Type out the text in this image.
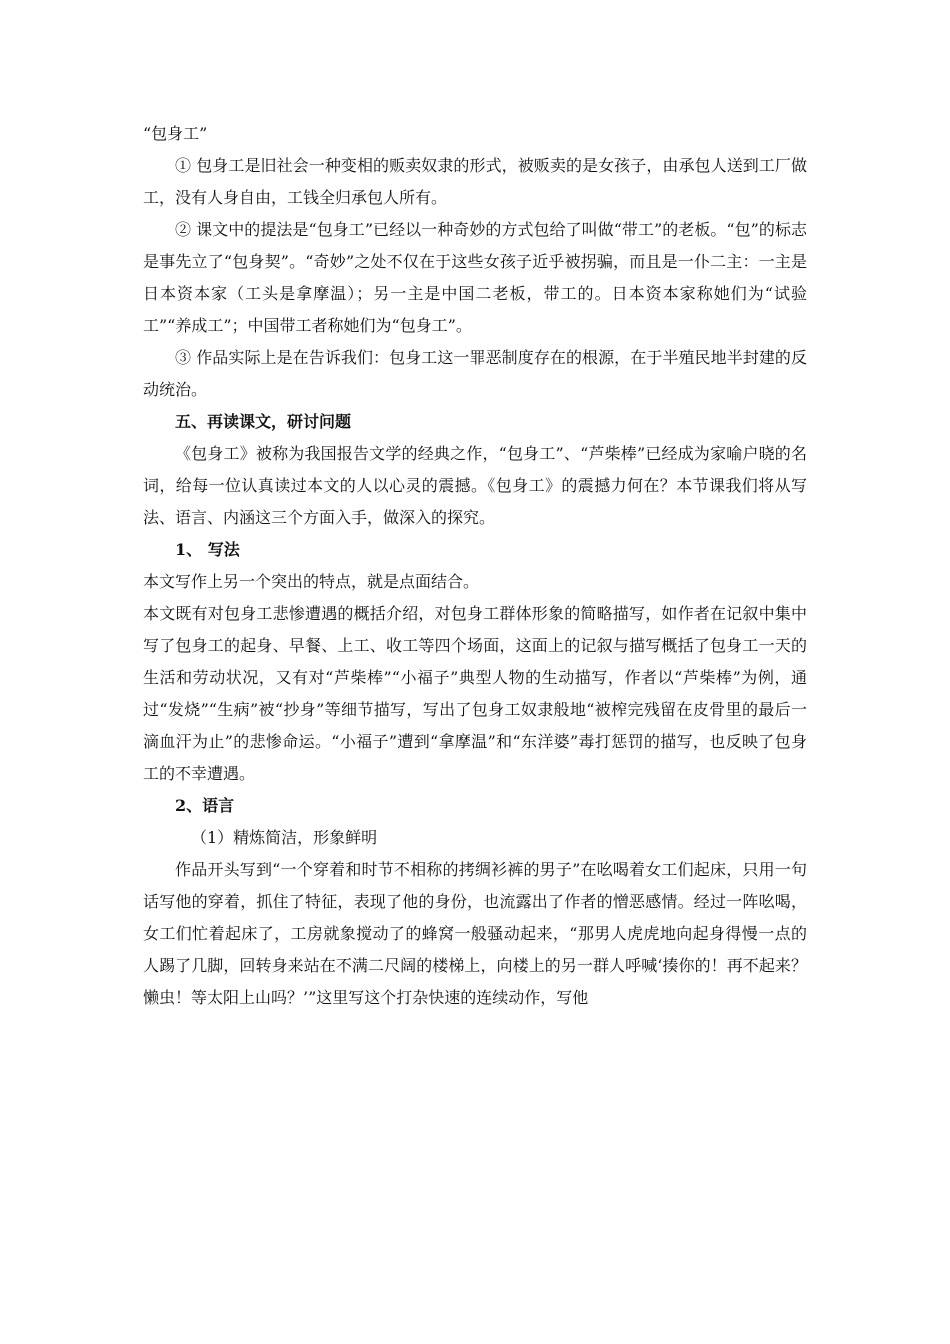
“包身工”

① 包身工是旧社会一种变相的贩卖奴隶的形式，被贩卖的是女孩子，由承包人送到工厂做工，没有人身自由，工钱全归承包人所有。

② 课文中的提法是“包身工”已经以一种奇妙的方式包给了叫做“带工”的老板。“包”的标志是事先立了“包身契”。“奇妙”之处不仅在于这些女孩子近乎被拐骗，而且是一仆二主：一主是日本资本家（工头是拿摩温）；另一主是中国二老板，带工的。日本资本家称她们为“试验工”“养成工”；中国带工者称她们为“包身工”。

③ 作品实际上是在告诉我们：包身工这一罪恶制度存在的根源，在于半殖民地半封建的反动统治。

五、再读课文，研讨问题

《包身工》被称为我国报告文学的经典之作，“包身工”、“芦柴棒”已经成为家喻户晓的名词，给每一位认真读过本文的人以心灵的震撼。《包身工》的震撼力何在？本节课我们将从写法、语言、内涵这三个方面入手，做深入的探究。

1、 写法

本文写作上另一个突出的特点，就是点面结合。

本文既有对包身工悲惨遭遇的概括介绍，对包身工群体形象的简略描写，如作者在记叙中集中写了包身工的起身、早餐、上工、收工等四个场面，这面上的记叙与描写概括了包身工一天的生活和劳动状况，又有对“芦柴棒”“小福子”典型人物的生动描写，作者以“芦柴棒”为例，通过“发烧”“生病”被“抄身”等细节描写，写出了包身工奴隶般地“被榨完残留在皮骨里的最后一滴血汗为止”的悲惨命运。“小福子”遭到“拿摩温”和“东洋婆”毒打惩罚的描写，也反映了包身工的不幸遭遇。

2、语言

（1）精炼简洁，形象鲜明

作品开头写到“一个穿着和时节不相称的拷绸衫裤的男子”在吆喝着女工们起床，只用一句话写他的穿着，抓住了特征，表现了他的身份，也流露出了作者的憎恶感情。经过一阵吆喝，女工们忙着起床了，工房就象搅动了的蜂窝一般骚动起来，“那男人虎虎地向起身得慢一点的人踢了几脚，回转身来站在不满二尺阔的楼梯上，向楼上的另一群人呼喊‘揍你的！再不起来？懒虫！等太阳上山吗？’”这里写这个打杂快速的连续动作，写他
